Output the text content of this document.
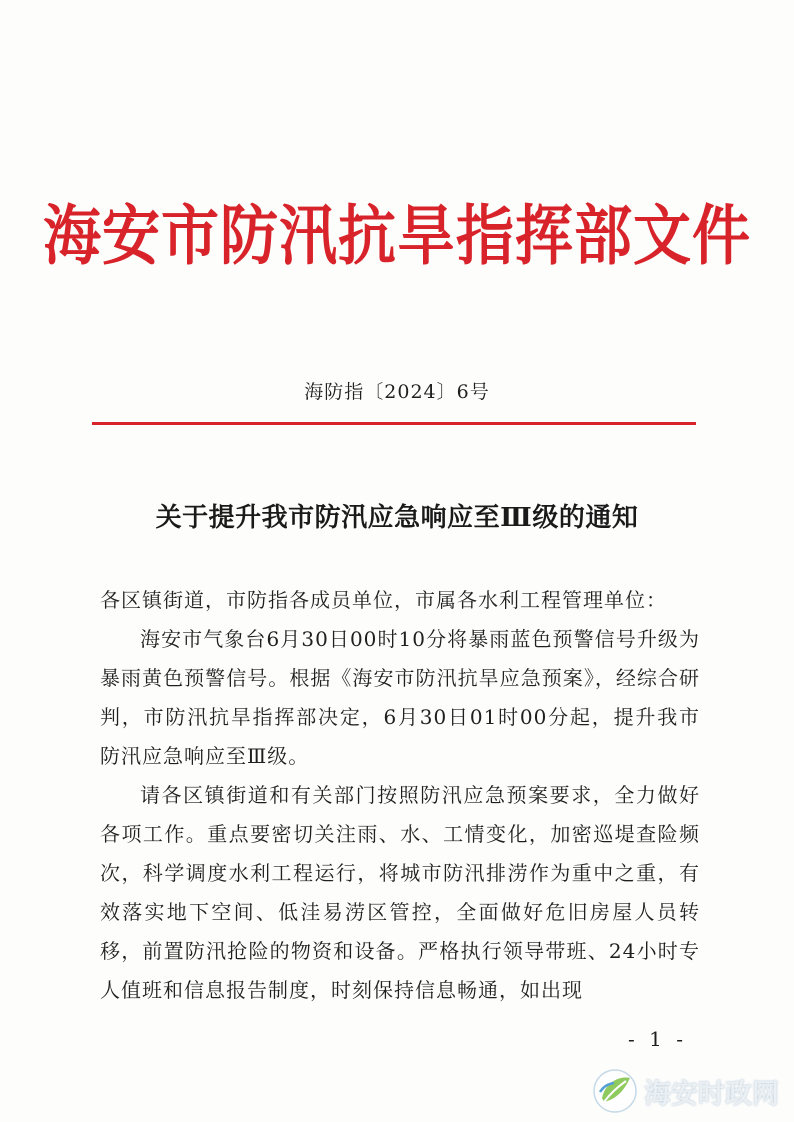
海安市防汛抗旱指挥部文件
海防指〔2024〕6号
关于提升我市防汛应急响应至Ⅲ级的通知

各区镇街道，市防指各成员单位，市属各水利工程管理单位：

海安市气象台6月30日00时10分将暴雨蓝色预警信号升级为暴雨黄色预警信号。根据《海安市防汛抗旱应急预案》，经综合研判，市防汛抗旱指挥部决定，6月30日01时00分起，提升我市防汛应急响应至Ⅲ级。

请各区镇街道和有关部门按照防汛应急预案要求，全力做好各项工作。重点要密切关注雨、水、工情变化，加密巡堤查险频次，科学调度水利工程运行，将城市防汛排涝作为重中之重，有效落实地下空间、低洼易涝区管控，全面做好危旧房屋人员转移，前置防汛抢险的物资和设备。严格执行领导带班、24小时专人值班和信息报告制度，时刻保持信息畅通，如出现

- 1 -
海安时政网
